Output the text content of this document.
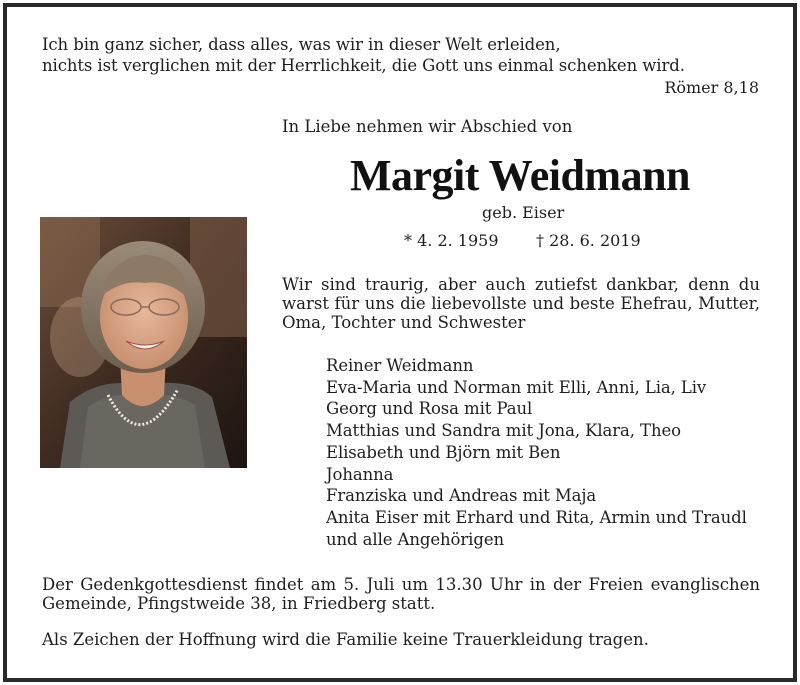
Ich bin ganz sicher, dass alles, was wir in dieser Welt erleiden,
nichts ist verglichen mit der Herrlichkeit, die Gott uns einmal schenken wird.
Römer 8,18
In Liebe nehmen wir Abschied von
Margit Weidmann
geb. Eiser
* 4. 2. 1959 † 28. 6. 2019
Wir sind traurig, aber auch zutiefst dankbar, denn du
warst für uns die liebevollste und beste Ehefrau, Mutter,
Oma, Tochter und Schwester
Reiner Weidmann
Eva-Maria und Norman mit Elli, Anni, Lia, Liv
Georg und Rosa mit Paul
Matthias und Sandra mit Jona, Klara, Theo
Elisabeth und Björn mit Ben
Johanna
Franziska und Andreas mit Maja
Anita Eiser mit Erhard und Rita, Armin und Traudl
und alle Angehörigen
Der Gedenkgottesdienst findet am 5. Juli um 13.30 Uhr in der Freien evanglischen
Gemeinde, Pfingstweide 38, in Friedberg statt.
Als Zeichen der Hoffnung wird die Familie keine Trauerkleidung tragen.
